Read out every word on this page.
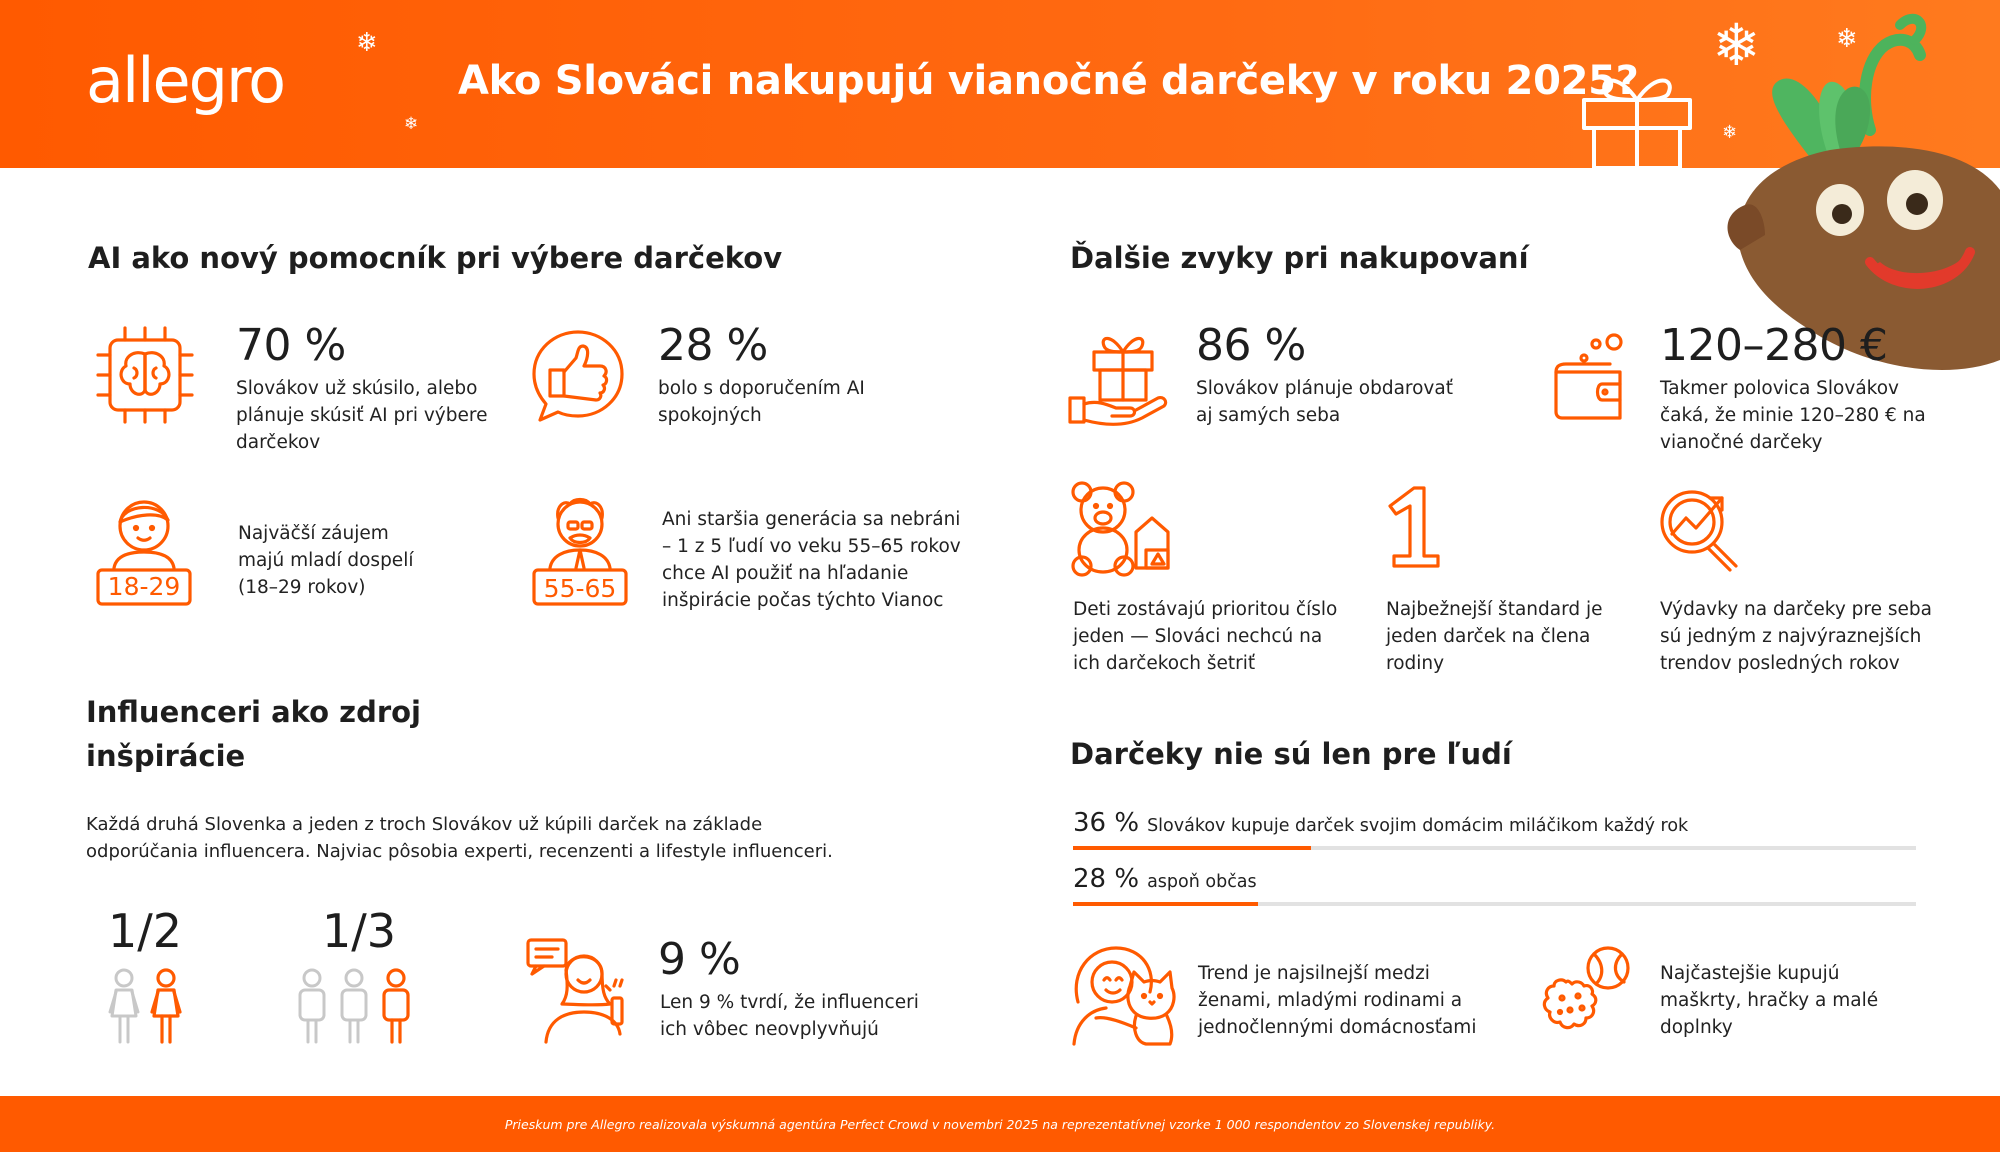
allegro	Ako Slováci nakupujú vianočné darčeky v roku 2025?
❄
❄
❄	❄
❄
AI ako nový pomocník pri výbere darčekov
70 %
Slovákov už skúsilo, alebo plánuje skúsiť AI pri výbere darčekov
28 %
bolo s doporučením AI spokojných
18-29
Najväčší záujem majú mladí dospelí (18–29 rokov)	55-65
Ani staršia generácia sa nebráni – 1 z 5 ľudí vo veku 55–65 rokov chce AI použiť na hľadanie inšpirácie počas týchto Vianoc
Influenceri ako zdroj
inšpirácie
Každá druhá Slovenka a jeden z troch Slovákov už kúpili darček na základe
odporúčania influencera. Najviac pôsobia experti, recenzenti a lifestyle influenceri.
1/2	1/3
9 %
Len 9 % tvrdí, že influenceri ich vôbec neovplyvňujú
Ďalšie zvyky pri nakupovaní
86 %
Slovákov plánuje obdarovať aj samých seba
120–280 €
Takmer polovica Slovákov čaká, že minie 120–280 € na vianočné darčeky
Deti zostávajú prioritou číslo jeden — Slováci nechcú na ich darčekoch šetriť
Najbežnejší štandard je jeden darček na člena rodiny
Výdavky na darčeky pre seba sú jedným z najvýraznejších trendov posledných rokov
Darčeky nie sú len pre ľudí
36 % Slovákov kupuje darček svojim domácim miláčikom každý rok
28 % aspoň občas
Trend je najsilnejší medzi ženami, mladými rodinami a jednočlennými domácnosťami
Najčastejšie kupujú maškrty, hračky a malé doplnky
Prieskum pre Allegro realizovala výskumná agentúra Perfect Crowd v novembri 2025 na reprezentatívnej vzorke 1 000 respondentov zo Slovenskej republiky.
